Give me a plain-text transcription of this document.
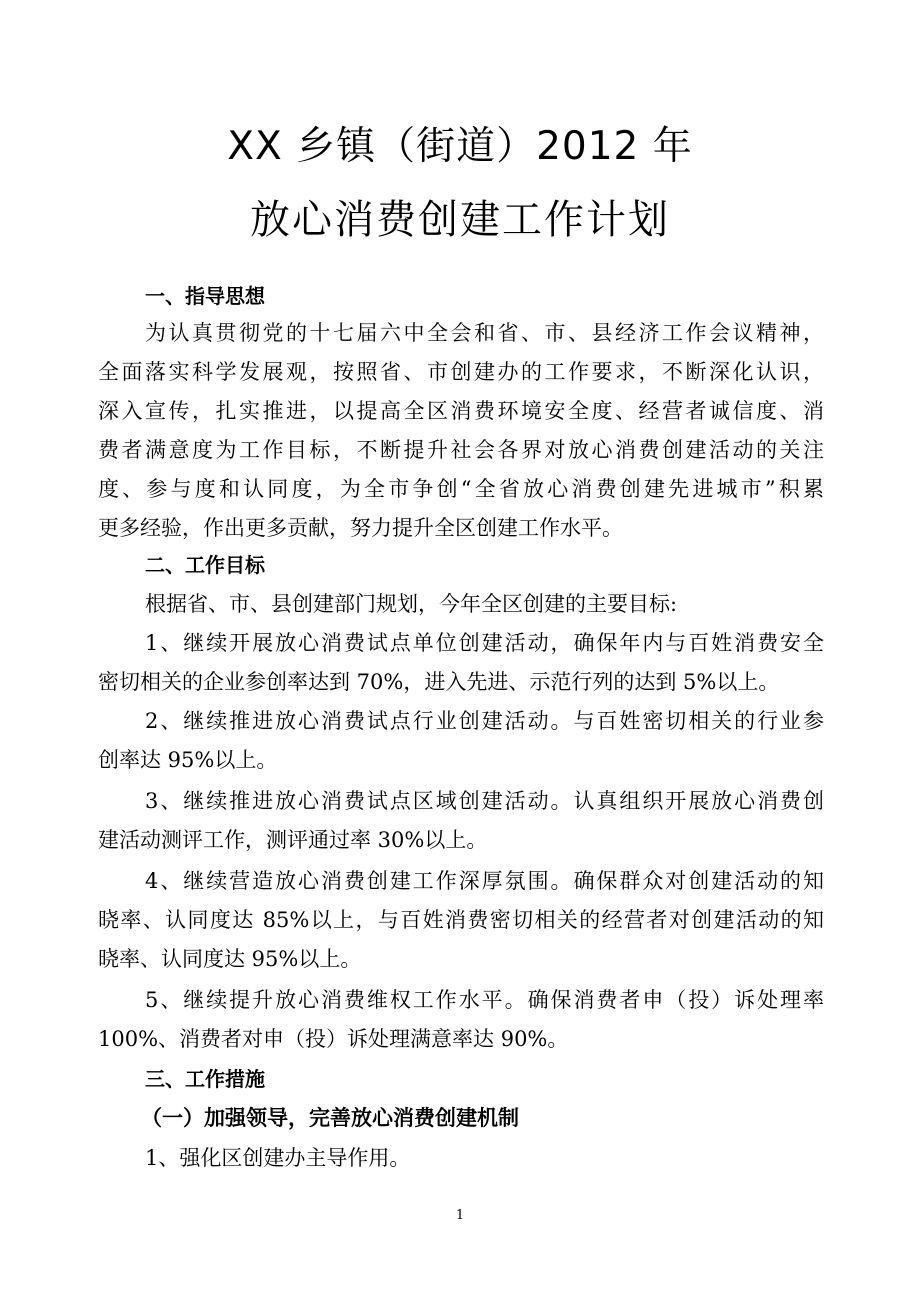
XX 乡镇（街道）2012 年
放心消费创建工作计划
一、指导思想
为认真贯彻党的十七届六中全会和省、市、县经济工作会议精神，
全面落实科学发展观，按照省、市创建办的工作要求，不断深化认识，
深入宣传，扎实推进，以提高全区消费环境安全度、经营者诚信度、消
费者满意度为工作目标，不断提升社会各界对放心消费创建活动的关注
度、参与度和认同度，为全市争创“全省放心消费创建先进城市”积累
更多经验，作出更多贡献，努力提升全区创建工作水平。
二、工作目标
根据省、市、县创建部门规划，今年全区创建的主要目标:
1、继续开展放心消费试点单位创建活动，确保年内与百姓消费安全
密切相关的企业参创率达到 70%，进入先进、示范行列的达到 5%以上。
2、继续推进放心消费试点行业创建活动。与百姓密切相关的行业参
创率达 95%以上。
3、继续推进放心消费试点区域创建活动。认真组织开展放心消费创
建活动测评工作，测评通过率 30%以上。
4、继续营造放心消费创建工作深厚氛围。确保群众对创建活动的知
晓率、认同度达 85%以上，与百姓消费密切相关的经营者对创建活动的知
晓率、认同度达 95%以上。
5、继续提升放心消费维权工作水平。确保消费者申（投）诉处理率
100%、消费者对申（投）诉处理满意率达 90%。
三、工作措施
（一）加强领导，完善放心消费创建机制
1、强化区创建办主导作用。
1
